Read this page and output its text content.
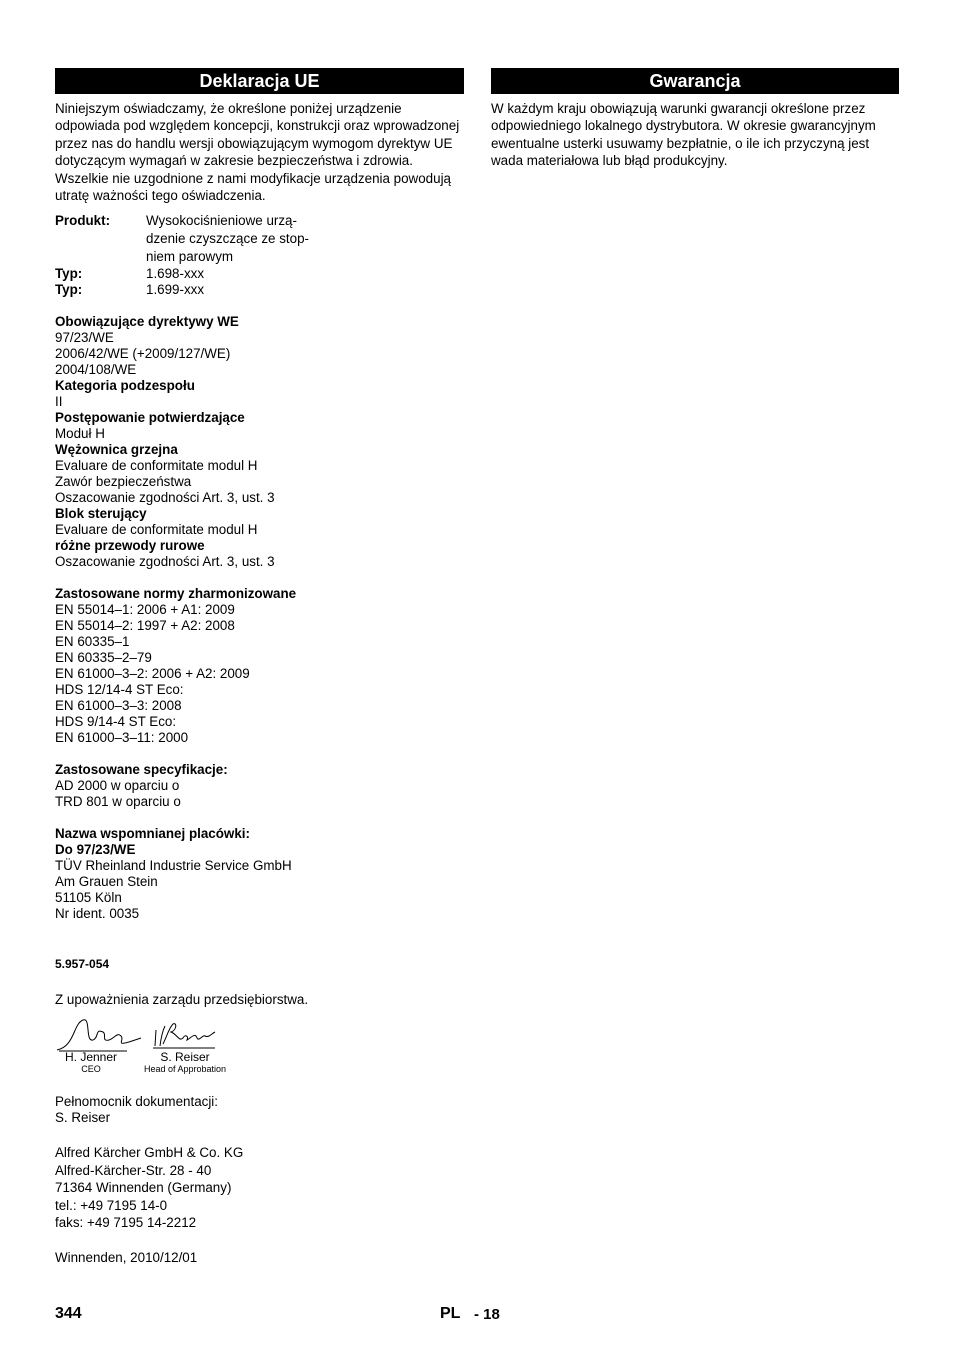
Deklaracja UE

Niniejszym oświadczamy, że określone poniżej urządzenie odpowiada pod względem koncepcji, konstrukcji oraz wprowadzonej przez nas do handlu wersji obowiązującym wymogom dyrektyw UE dotyczącym wymagań w zakresie bezpieczeństwa i zdrowia. Wszelkie nie uzgodnione z nami modyfikacje urządzenia powodują utratę ważności tego oświadczenia.

Produkt:	Wysokociśnieniowe urzą-
dzenie czyszczące ze stop-
niem parowym
Typ:	1.698-xxx
Typ:	1.699-xxx
Obowiązujące dyrektywy WE
97/23/WE
2006/42/WE (+2009/127/WE)
2004/108/WE
Kategoria podzespołu
II
Postępowanie potwierdzające
Moduł H
Wężownica grzejna
Evaluare de conformitate modul H
Zawór bezpieczeństwa
Oszacowanie zgodności Art. 3, ust. 3
Blok sterujący
Evaluare de conformitate modul H
różne przewody rurowe
Oszacowanie zgodności Art. 3, ust. 3
Zastosowane normy zharmonizowane
EN 55014–1: 2006 + A1: 2009
EN 55014–2: 1997 + A2: 2008
EN 60335–1
EN 60335–2–79
EN 61000–3–2: 2006 + A2: 2009
HDS 12/14-4 ST Eco:
EN 61000–3–3: 2008
HDS 9/14-4 ST Eco:
EN 61000–3–11: 2000
Zastosowane specyfikacje:
AD 2000 w oparciu o
TRD 801 w oparciu o
Nazwa wspomnianej placówki:
Do 97/23/WE
TÜV Rheinland Industrie Service GmbH
Am Grauen Stein
51105 Köln
Nr ident. 0035
5.957-054
Z upoważnienia zarządu przedsiębiorstwa.
H. Jenner
CEO
S. Reiser
Head of Approbation
Pełnomocnik dokumentacji:
S. Reiser
Alfred Kärcher GmbH & Co. KG
Alfred-Kärcher-Str. 28 - 40
71364 Winnenden (Germany)
tel.: +49 7195 14-0
faks: +49 7195 14-2212
Winnenden, 2010/12/01
Gwarancja

W każdym kraju obowiązują warunki gwarancji określone przez odpowiedniego lokalnego dystrybutora. W okresie gwarancyjnym ewentualne usterki usuwamy bezpłatnie, o ile ich przyczyną jest wada materiałowa lub błąd produkcyjny.

344	PL - 18
